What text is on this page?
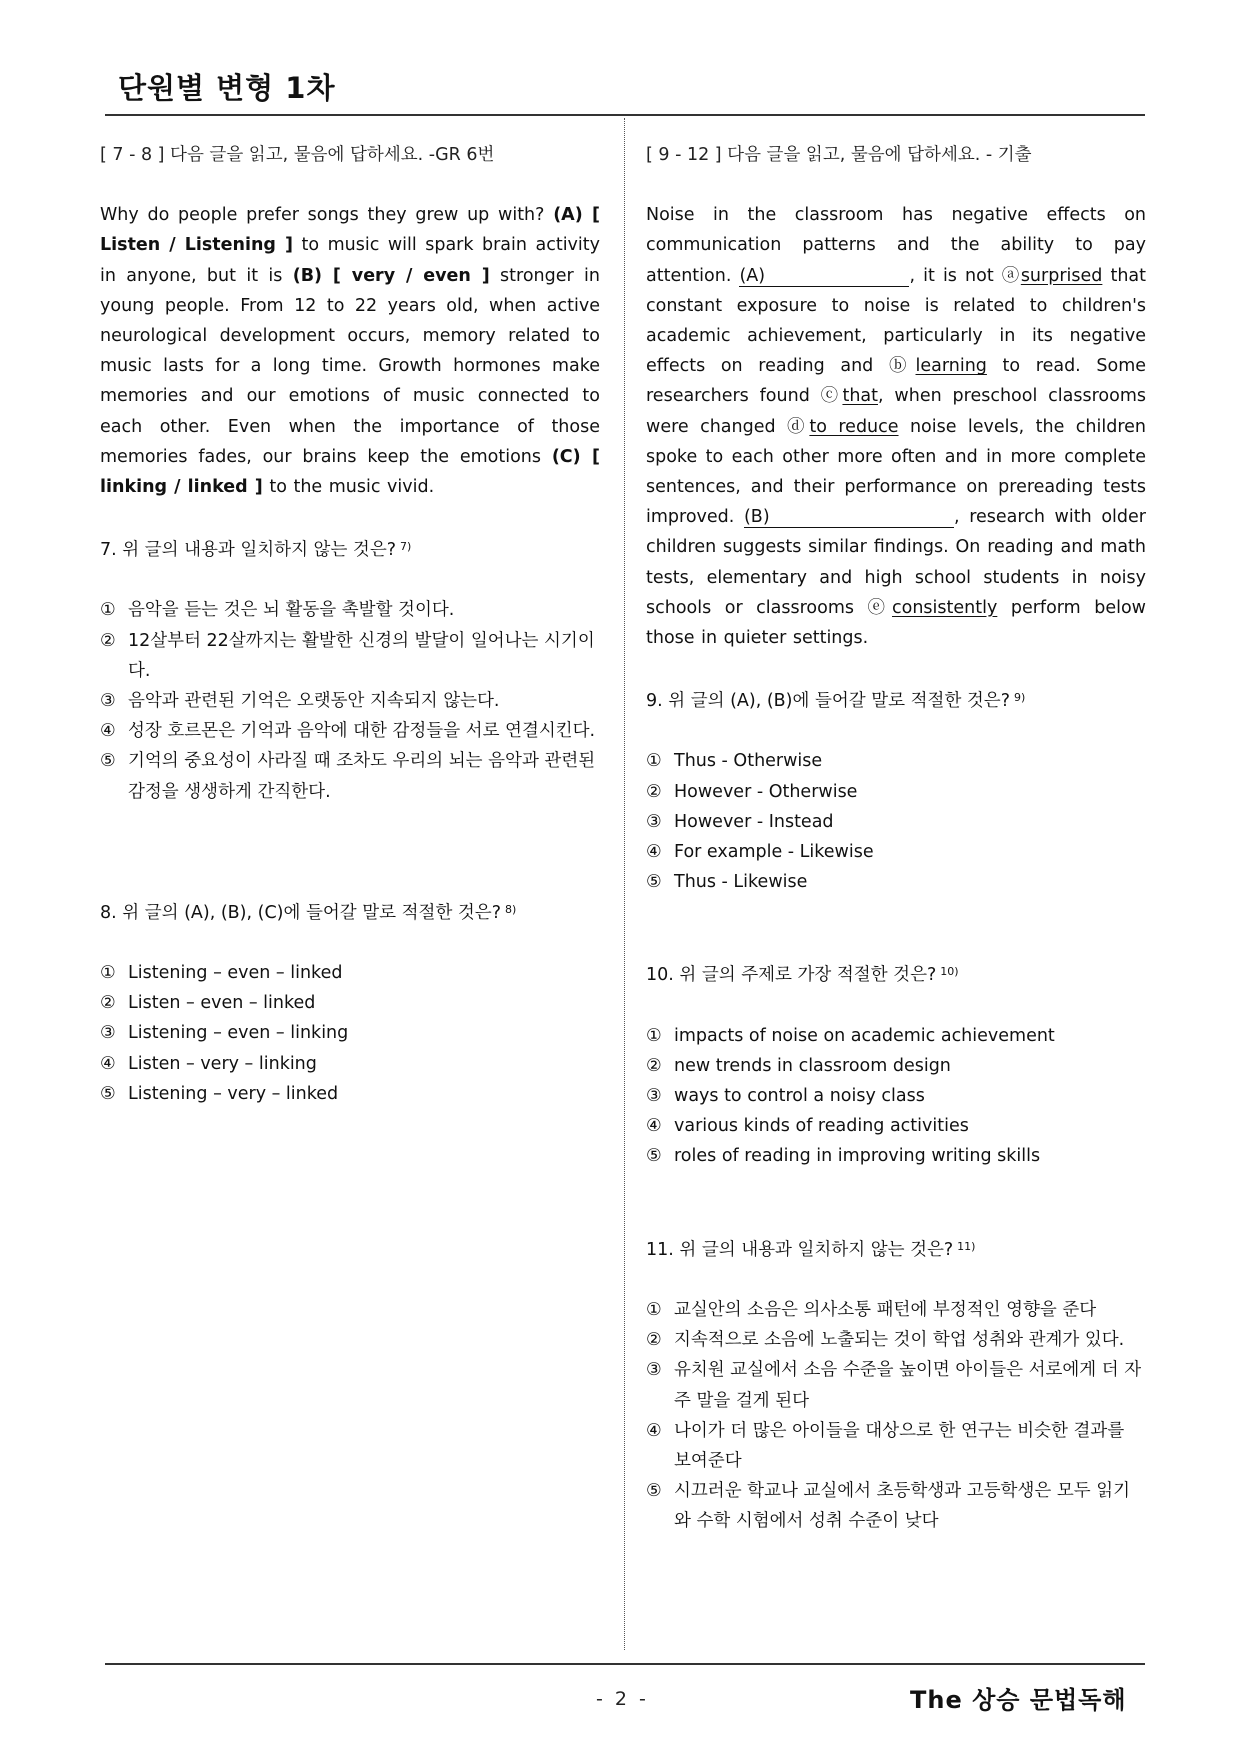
단원별 변형 1차
[ 7 - 8 ] 다음 글을 읽고, 물음에 답하세요. -GR 6번
Why do people prefer songs they grew up with? (A) [ Listen / Listening ] to music will spark brain activity in anyone, but it is (B) [ very / even ] stronger in young people. From 12 to 22 years old, when active neurological development occurs, memory related to music lasts for a long time. Growth hormones make memories and our emotions of music connected to each other. Even when the importance of those memories fades, our brains keep the emotions (C) [ linking / linked ] to the music vivid.
7. 위 글의 내용과 일치하지 않는 것은? $^{7)}$
① 음악을 듣는 것은 뇌 활동을 촉발할 것이다.
② 12살부터 22살까지는 활발한 신경의 발달이 일어나는 시기이다.
③ 음악과 관련된 기억은 오랫동안 지속되지 않는다.
④ 성장 호르몬은 기억과 음악에 대한 감정들을 서로 연결시킨다.
⑤ 기억의 중요성이 사라질 때 조차도 우리의 뇌는 음악과 관련된 감정을 생생하게 간직한다.
8. 위 글의 (A), (B), (C)에 들어갈 말로 적절한 것은? $^{8)}$
① Listening – even – linked
② Listen – even – linked
③ Listening – even – linking
④ Listen – very – linking
⑤ Listening – very – linked
[ 9 - 12 ] 다음 글을 읽고, 물음에 답하세요. - 기출
Noise in the classroom has negative effects on communication patterns and the ability to pay attention. (A)	, it is not ⓐsurprised that constant exposure to noise is related to children's academic achievement, particularly in its negative effects on reading and ⓑlearning to read. Some researchers found ⓒthat, when preschool classrooms were changed ⓓto reduce noise levels, the children spoke to each other more often and in more complete sentences, and their performance on prereading tests improved. (B)	, research with older children suggests similar findings. On reading and math tests, elementary and high school students in noisy schools or classrooms ⓔconsistently perform below those in quieter settings.
9. 위 글의 (A), (B)에 들어갈 말로 적절한 것은? $^{9)}$
① Thus - Otherwise
② However - Otherwise
③ However - Instead
④ For example - Likewise
⑤ Thus - Likewise
10. 위 글의 주제로 가장 적절한 것은? $^{10)}$
① impacts of noise on academic achievement
② new trends in classroom design
③ ways to control a noisy class
④ various kinds of reading activities
⑤ roles of reading in improving writing skills
11. 위 글의 내용과 일치하지 않는 것은? $^{11)}$
① 교실안의 소음은 의사소통 패턴에 부정적인 영향을 준다
② 지속적으로 소음에 노출되는 것이 학업 성취와 관계가 있다.
③ 유치원 교실에서 소음 수준을 높이면 아이들은 서로에게 더 자주 말을 걸게 된다
④ 나이가 더 많은 아이들을 대상으로 한 연구는 비슷한 결과를 보여준다
⑤ 시끄러운 학교나 교실에서 초등학생과 고등학생은 모두 읽기와 수학 시험에서 성취 수준이 낮다
- 2 -	The 상승 문법독해
